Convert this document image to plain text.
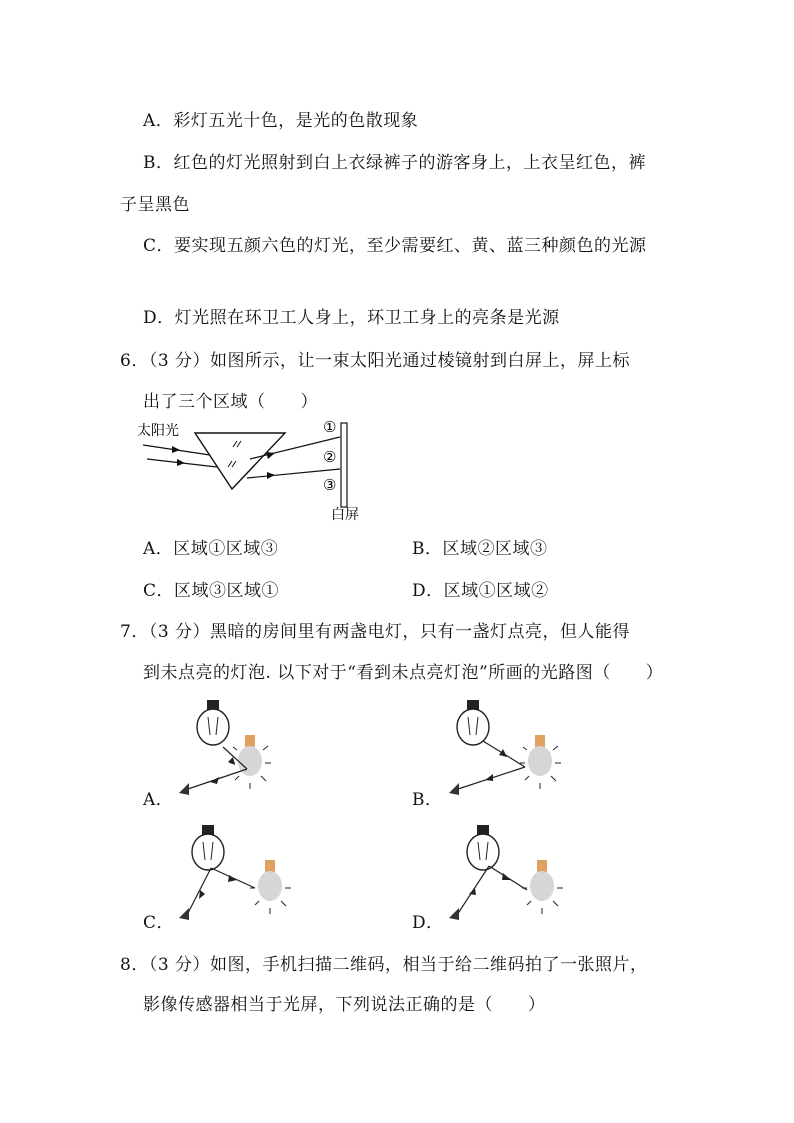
A．彩灯五光十色，是光的色散现象
B．红色的灯光照射到白上衣绿裤子的游客身上，上衣呈红色，裤
子呈黑色
C．要实现五颜六色的灯光，至少需要红、黄、蓝三种颜色的光源
D．灯光照在环卫工人身上，环卫工身上的亮条是光源
6．（3 分）如图所示，让一束太阳光通过棱镜射到白屏上，屏上标
出了三个区域（　　）
太阳光	①
②
③
白屏
A．区域①区域③	B．区域②区域③
C．区域③区域①	D．区域①区域②
7．（3 分）黑暗的房间里有两盏电灯，只有一盏灯点亮，但人能得
到未点亮的灯泡. 以下对于“看到未点亮灯泡”所画的光路图（　　）
A．	B．
C．	D．
8．（3 分）如图，手机扫描二维码，相当于给二维码拍了一张照片，
影像传感器相当于光屏，下列说法正确的是（　　）
